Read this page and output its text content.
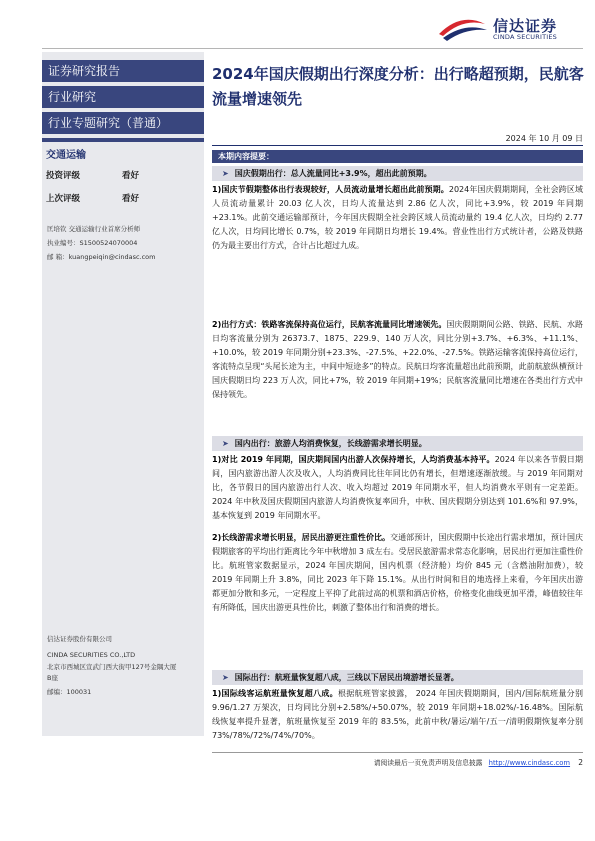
信达证券
CINDA SECURITIES
证券研究报告
行业研究
行业专题研究（普通）
交通运输
投资评级	看好
上次评级	看好
匡培钦 交通运输行业首席分析师
执业编号：S1500524070004
邮 箱：kuangpeiqin@cindasc.com
信达证券股份有限公司
CINDA SECURITIES CO.,LTD
北京市西城区宣武门西大街甲127号金隅大厦
B座
邮编：100031
2024年国庆假期出行深度分析：出行略超预期，民航客流量增速领先
2024 年 10 月 09 日
本期内容提要：
➤ 国庆假期出行：总人流量同比+3.9%，超出此前预期。
1)国庆节假期整体出行表现较好，人员流动量增长超出此前预期。2024年国庆假期期间，全社会跨区域人员流动量累计 20.03 亿人次，日均人流量达到 2.86 亿人次，同比+3.9%，较 2019 年同期+23.1%。此前交通运输部预计，今年国庆假期全社会跨区域人员流动量约 19.4 亿人次，日均约 2.77 亿人次，日均同比增长 0.7%，较 2019 年同期日均增长 19.4%。营业性出行方式统计者，公路及铁路仍为最主要出行方式，合计占比超过九成。
2)出行方式：铁路客流保持高位运行，民航客流量同比增速领先。国庆假期期间公路、铁路、民航、水路日均客流量分别为 26373.7、1875、229.9、140 万人次，同比分别+3.7%、+6.3%、+11.1%、+10.0%，较 2019 年同期分别+23.3%、-27.5%、+22.0%、-27.5%。铁路运输客流保持高位运行，客流特点呈现“头尾长途为主，中间中短途多”的特点。民航日均客流量超出此前预期，此前航旅纵横预计国庆假期日均 223 万人次，同比+7%，较 2019 年同期+19%；民航客流量同比增速在各类出行方式中保持领先。
➤ 国内出行：旅游人均消费恢复，长线游需求增长明显。
1)对比 2019 年同期，国庆期间国内出游人次保持增长，人均消费基本持平。2024 年以来各节假日期间，国内旅游出游人次及收入，人均消费同比往年同比仍有增长，但增速逐渐放缓。与 2019 年同期对比，各节假日的国内旅游出行人次、收入均超过 2019 年同期水平，但人均消费水平则有一定差距。2024 年中秋及国庆假期国内旅游人均消费恢复率回升，中秋、国庆假期分别达到 101.6%和 97.9%，基本恢复到 2019 年同期水平。
2)长线游需求增长明显，居民出游更注重性价比。交通部预计，国庆假期中长途出行需求增加，预计国庆假期旅客的平均出行距离比今年中秋增加 3 成左右。受居民旅游需求常态化影响，居民出行更加注重性价比。航班管家数据显示，2024 年国庆期间，国内机票（经济舱）均价 845 元（含燃油附加费），较 2019 年同期上升 3.8%，同比 2023 年下降 15.1%。从出行时间和目的地选择上来看，今年国庆出游都更加分散和多元，一定程度上平抑了此前过高的机票和酒店价格，价格变化曲线更加平滑，峰值较往年有所降低，国庆出游更具性价比，刺激了整体出行和消费的增长。
➤ 国际出行：航班量恢复超八成，三线以下居民出境游增长显著。
1)国际线客运航班量恢复超八成。根据航班管家披露， 2024 年国庆假期期间，国内/国际航班量分别 9.96/1.27 万架次，日均同比分别+2.58%/+50.07%，较 2019 年同期+18.02%/-16.48%。国际航线恢复率提升显著，航班量恢复至 2019 年的 83.5%，此前中秋/暑运/端午/五一/清明假期恢复率分别 73%/78%/72%/74%/70%。
请阅读最后一页免责声明及信息披露 http://www.cindasc.com 2
